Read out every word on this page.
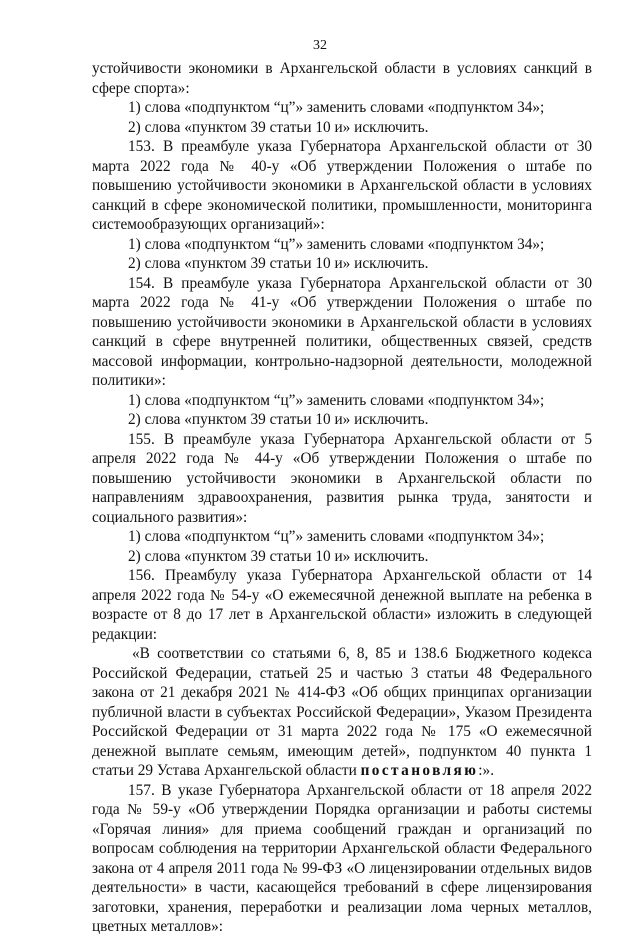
32

устойчивости экономики в Архангельской области в условиях санкций в сфере спорта»:

1) слова «подпунктом “ц”» заменить словами «подпунктом 34»;

2) слова «пунктом 39 статьи 10 и» исключить.

153. В преамбуле указа Губернатора Архангельской области от 30 марта 2022 года № 40-у «Об утверждении Положения о штабе по повышению устойчивости экономики в Архангельской области в условиях санкций в сфере экономической политики, промышленности, мониторинга системообразующих организаций»:

1) слова «подпунктом “ц”» заменить словами «подпунктом 34»;

2) слова «пунктом 39 статьи 10 и» исключить.

154. В преамбуле указа Губернатора Архангельской области от 30 марта 2022 года № 41-у «Об утверждении Положения о штабе по повышению устойчивости экономики в Архангельской области в условиях санкций в сфере внутренней политики, общественных связей, средств массовой информации, контрольно-надзорной деятельности, молодежной политики»:

1) слова «подпунктом “ц”» заменить словами «подпунктом 34»;

2) слова «пунктом 39 статьи 10 и» исключить.

155. В преамбуле указа Губернатора Архангельской области от 5 апреля 2022 года № 44-у «Об утверждении Положения о штабе по повышению устойчивости экономики в Архангельской области по направлениям здравоохранения, развития рынка труда, занятости и социального развития»:

1) слова «подпунктом “ц”» заменить словами «подпунктом 34»;

2) слова «пунктом 39 статьи 10 и» исключить.

156. Преамбулу указа Губернатора Архангельской области от 14 апреля 2022 года № 54-у «О ежемесячной денежной выплате на ребенка в возрасте от 8 до 17 лет в Архангельской области» изложить в следующей редакции:

«В соответствии со статьями 6, 8, 85 и 138.6 Бюджетного кодекса Российской Федерации, статьей 25 и частью 3 статьи 48 Федерального закона от 21 декабря 2021 № 414-ФЗ «Об общих принципах организации публичной власти в субъектах Российской Федерации», Указом Президента Российской Федерации от 31 марта 2022 года № 175 «О ежемесячной денежной выплате семьям, имеющим детей», подпунктом 40 пункта 1 статьи 29 Устава Архангельской области постановляю:».

157. В указе Губернатора Архангельской области от 18 апреля 2022 года № 59-у «Об утверждении Порядка организации и работы системы «Горячая линия» для приема сообщений граждан и организаций по вопросам соблюдения на территории Архангельской области Федерального закона от 4 апреля 2011 года № 99-ФЗ «О лицензировании отдельных видов деятельности» в части, касающейся требований в сфере лицензирования заготовки, хранения, переработки и реализации лома черных металлов, цветных металлов»:
